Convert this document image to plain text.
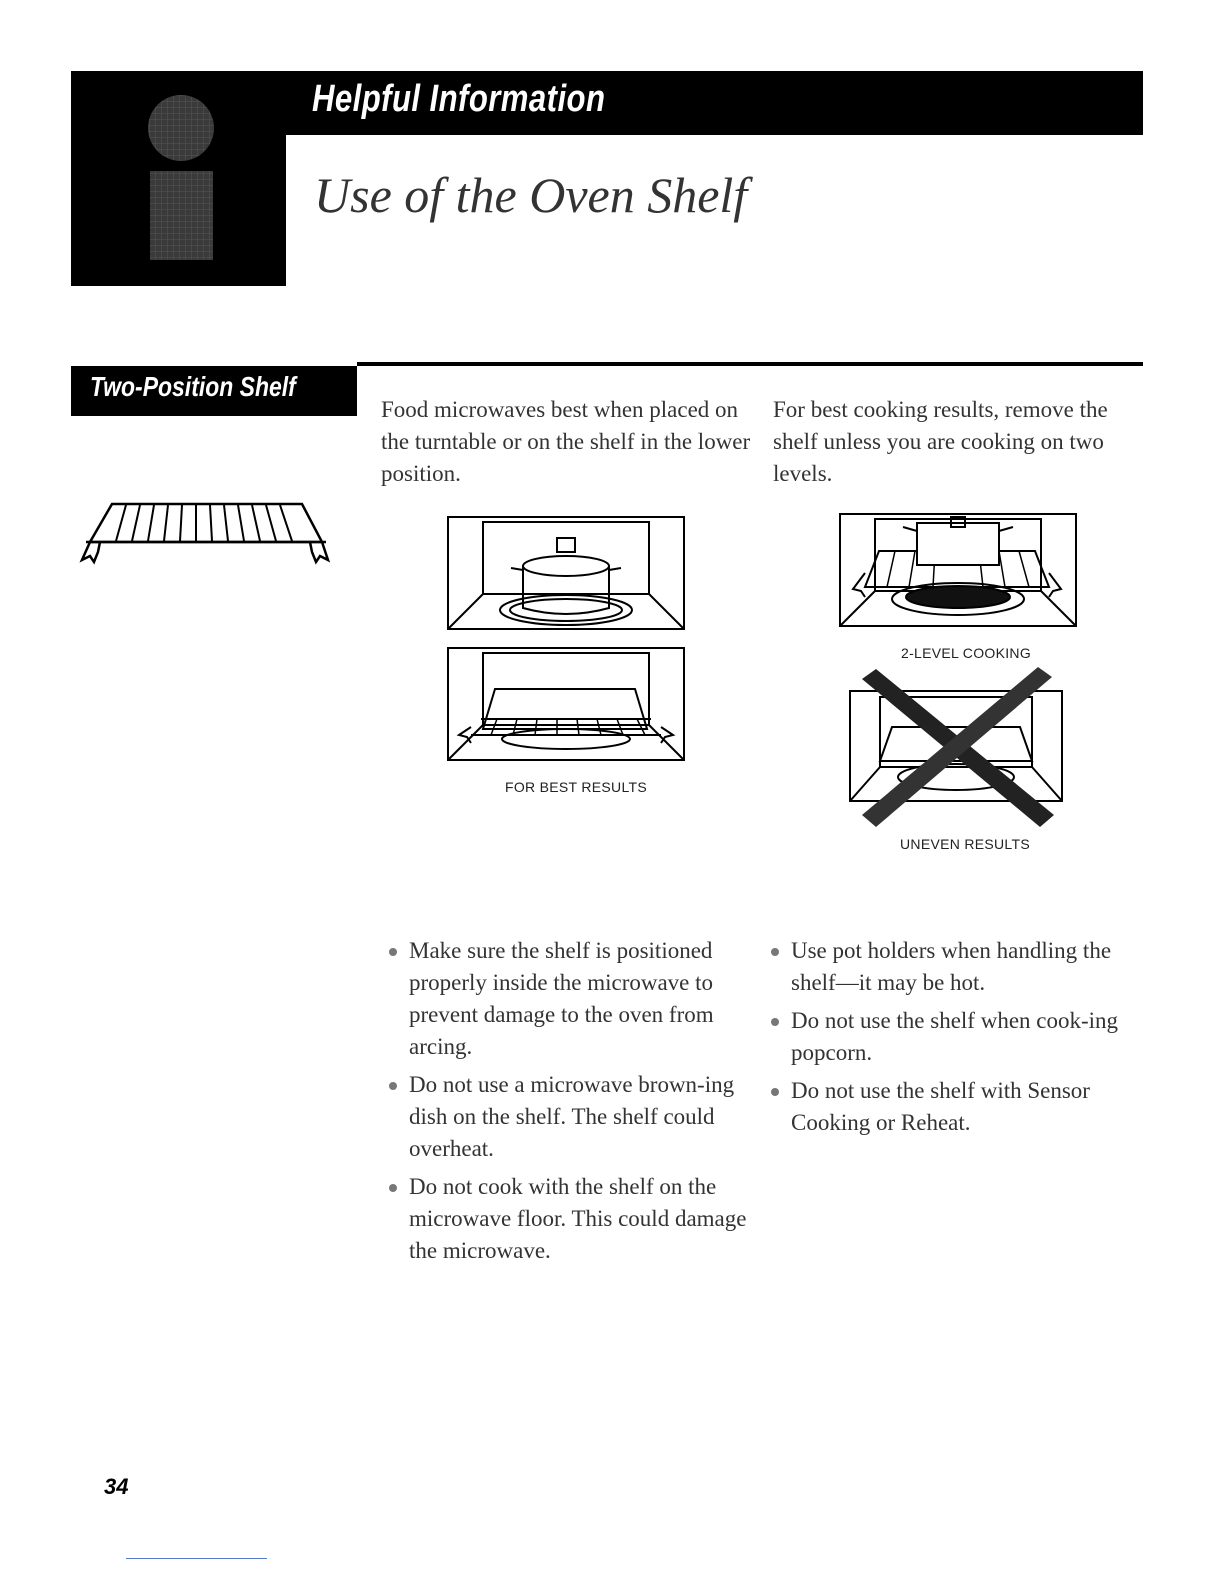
Helpful Information
Use of the Oven Shelf
Two-Position Shelf
Food microwaves best when placed on the turntable or on the shelf in the lower position.
For best cooking results, remove the shelf unless you are cooking on two levels.
FOR BEST RESULTS
2-LEVEL COOKING
UNEVEN RESULTS
Make sure the shelf is positioned properly inside the microwave to prevent damage to the oven from arcing.
Do not use a microwave brown-ing dish on the shelf. The shelf could overheat.
Do not cook with the shelf on the microwave floor. This could damage the microwave.
Use pot holders when handling the shelf—it may be hot.
Do not use the shelf when cook-ing popcorn.
Do not use the shelf with Sensor Cooking or Reheat.
34
